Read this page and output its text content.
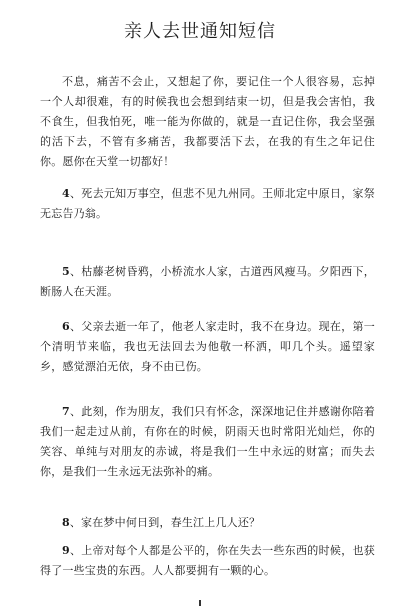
亲人去世通知短信

不息，痛苦不会止，又想起了你，要记住一个人很容易，忘掉一个人却很难，有的时候我也会想到结束一切，但是我会害怕，我不食生，但我怕死，唯一能为你做的，就是一直记住你，我会坚强的活下去，不管有多痛苦，我都要活下去，在我的有生之年记住你。愿你在天堂一切都好！

4、死去元知万事空，但悲不见九州同。王师北定中原日，家祭无忘告乃翁。

5、枯藤老树昏鸦，小桥流水人家，古道西风瘦马。夕阳西下，断肠人在天涯。

6、父亲去逝一年了，他老人家走时，我不在身边。现在，第一个清明节来临，我也无法回去为他敬一杯洒，叩几个头。遥望家乡，感觉漂泊无依，身不由已伤。

7、此刻，作为朋友，我们只有怀念，深深地记住并感谢你陪着我们一起走过从前，有你在的时候，阴雨天也时常阳光灿烂，你的笑容、单纯与对朋友的赤诚，将是我们一生中永远的财富；而失去你，是我们一生永远无法弥补的痛。

8、家在梦中何日到，春生江上几人还？

9、上帝对每个人都是公平的，你在失去一些东西的时候，也获得了一些宝贵的东西。人人都要拥有一颗的心。
